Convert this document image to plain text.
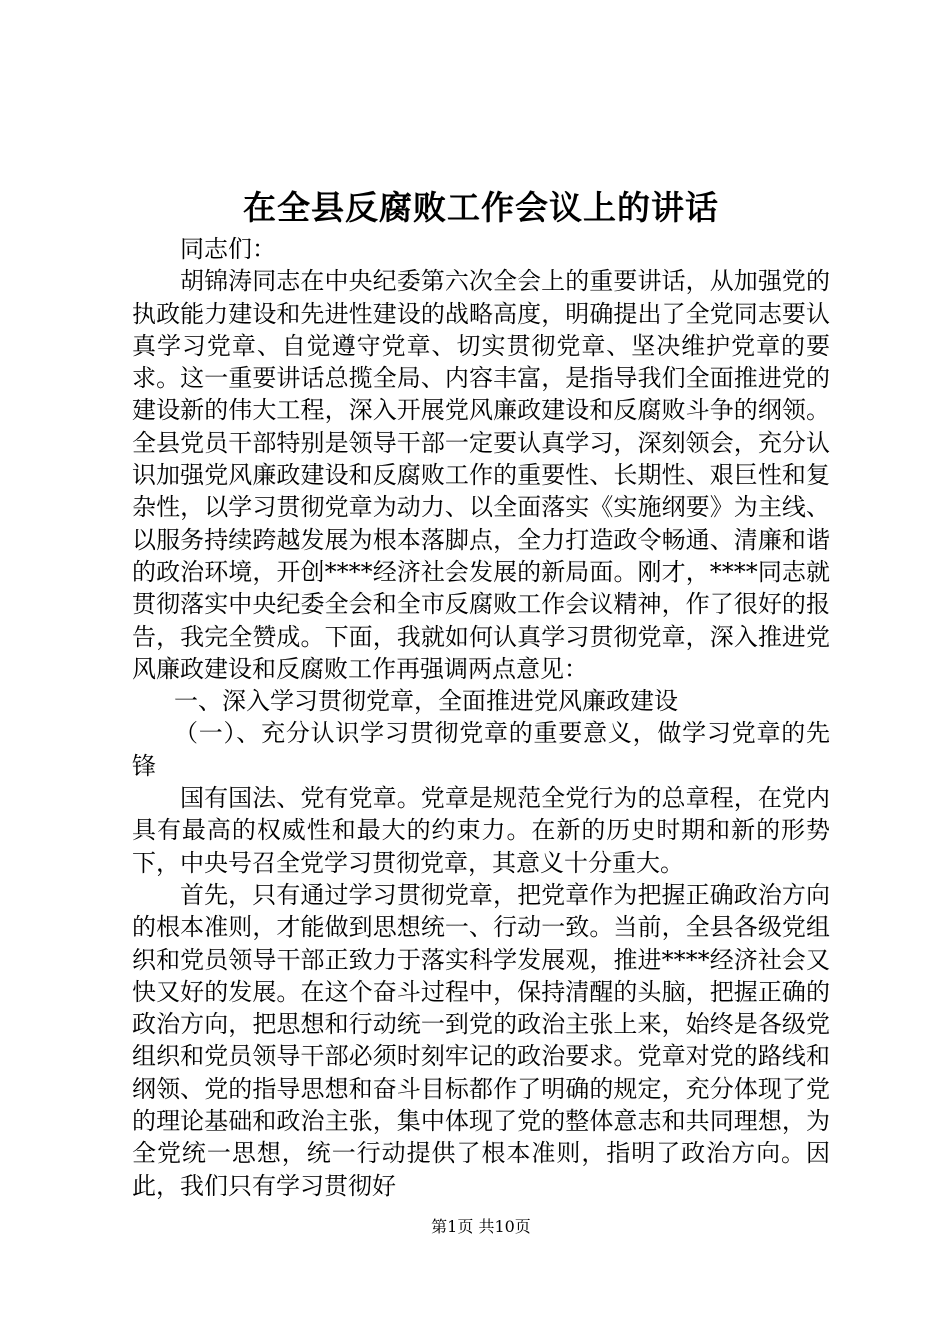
在全县反腐败工作会议上的讲话

同志们：

胡锦涛同志在中央纪委第六次全会上的重要讲话，从加强党的执政能力建设和先进性建设的战略高度，明确提出了全党同志要认真学习党章、自觉遵守党章、切实贯彻党章、坚决维护党章的要求。这一重要讲话总揽全局、内容丰富，是指导我们全面推进党的建设新的伟大工程，深入开展党风廉政建设和反腐败斗争的纲领。全县党员干部特别是领导干部一定要认真学习，深刻领会，充分认识加强党风廉政建设和反腐败工作的重要性、长期性、艰巨性和复杂性，以学习贯彻党章为动力、以全面落实《实施纲要》为主线、以服务持续跨越发展为根本落脚点，全力打造政令畅通、清廉和谐的政治环境，开创****经济社会发展的新局面。刚才，****同志就贯彻落实中央纪委全会和全市反腐败工作会议精神，作了很好的报告，我完全赞成。下面，我就如何认真学习贯彻党章，深入推进党风廉政建设和反腐败工作再强调两点意见：

一、深入学习贯彻党章，全面推进党风廉政建设

（一）、充分认识学习贯彻党章的重要意义，做学习党章的先锋

国有国法、党有党章。党章是规范全党行为的总章程，在党内具有最高的权威性和最大的约束力。在新的历史时期和新的形势下，中央号召全党学习贯彻党章，其意义十分重大。

首先，只有通过学习贯彻党章，把党章作为把握正确政治方向的根本准则，才能做到思想统一、行动一致。当前，全县各级党组织和党员领导干部正致力于落实科学发展观，推进****经济社会又快又好的发展。在这个奋斗过程中，保持清醒的头脑，把握正确的政治方向，把思想和行动统一到党的政治主张上来，始终是各级党组织和党员领导干部必须时刻牢记的政治要求。党章对党的路线和纲领、党的指导思想和奋斗目标都作了明确的规定，充分体现了党的理论基础和政治主张，集中体现了党的整体意志和共同理想，为全党统一思想，统一行动提供了根本准则，指明了政治方向。因此，我们只有学习贯彻好

第1页 共10页
